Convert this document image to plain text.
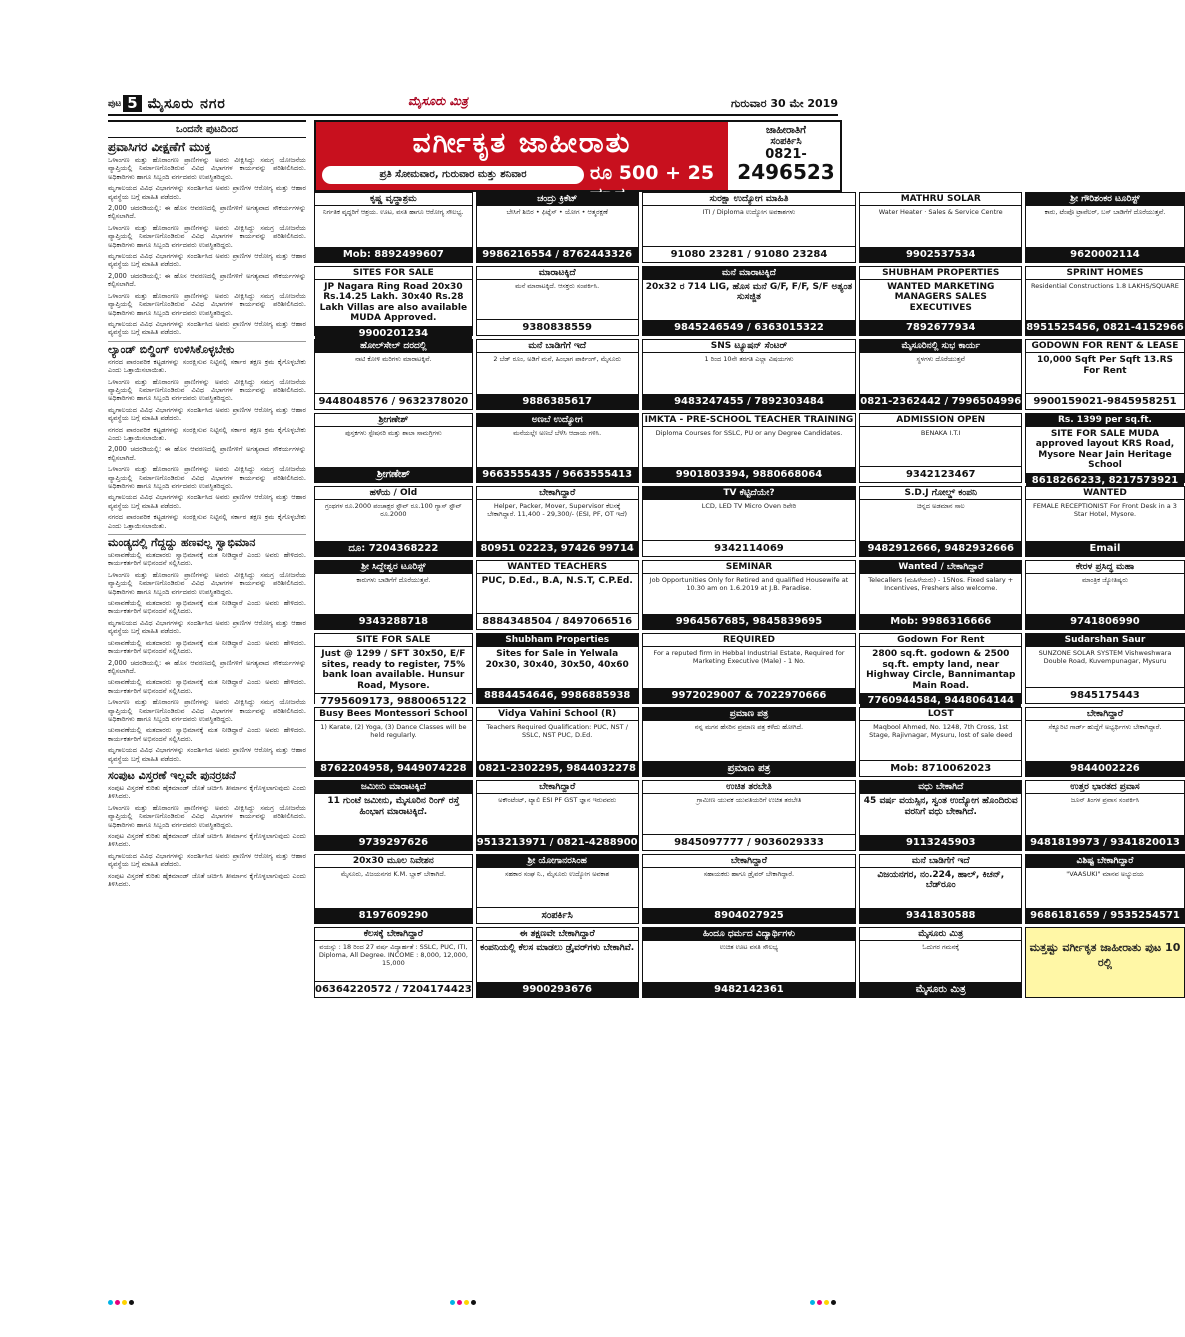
ಪುಟ 5 ಮೈಸೂರು ನಗರ	ಮೈಸೂರು ಮಿತ್ರ	ಗುರುವಾರ 30 ಮೇ 2019
ಒಂದನೇ ಪುಟದಿಂದ
ಪ್ರವಾಸಿಗರ ವೀಕ್ಷಣೆಗೆ ಮುಕ್ತ

ಒಳಾಂಗಣ ಮತ್ತು ಹೊರಾಂಗಣ ಪ್ರಾಣಿಗಳನ್ನು ಅವರು ವೀಕ್ಷಿಸಿದ್ದು ಸಮಗ್ರ ಯೋಜನೆಯ ವ್ಯಾಪ್ತಿಯಲ್ಲಿ ನಿರ್ಮಾಣಗೊಂಡಿರುವ ವಿವಿಧ ವಿಭಾಗಗಳ ಕಾರ್ಯವನ್ನು ಪರಿಶೀಲಿಸಿದರು. ಅಧಿಕಾರಿಗಳು ಹಾಗೂ ಸಿಬ್ಬಂದಿ ವರ್ಗದವರು ಉಪಸ್ಥಿತರಿದ್ದರು.

ಮೃಗಾಲಯದ ವಿವಿಧ ವಿಭಾಗಗಳನ್ನು ಸಂದರ್ಶಿಸಿದ ಅವರು ಪ್ರಾಣಿಗಳ ಆರೋಗ್ಯ ಮತ್ತು ಆಹಾರ ವ್ಯವಸ್ಥೆಯ ಬಗ್ಗೆ ಮಾಹಿತಿ ಪಡೆದರು.

2,000 ಚದರಡಿಯಲ್ಲಿ: ಈ ಹೊಸ ಆವರಣದಲ್ಲಿ ಪ್ರಾಣಿಗಳಿಗೆ ಅಗತ್ಯವಾದ ಸೌಕರ್ಯಗಳನ್ನು ಕಲ್ಪಿಸಲಾಗಿದೆ.

ಒಳಾಂಗಣ ಮತ್ತು ಹೊರಾಂಗಣ ಪ್ರಾಣಿಗಳನ್ನು ಅವರು ವೀಕ್ಷಿಸಿದ್ದು ಸಮಗ್ರ ಯೋಜನೆಯ ವ್ಯಾಪ್ತಿಯಲ್ಲಿ ನಿರ್ಮಾಣಗೊಂಡಿರುವ ವಿವಿಧ ವಿಭಾಗಗಳ ಕಾರ್ಯವನ್ನು ಪರಿಶೀಲಿಸಿದರು. ಅಧಿಕಾರಿಗಳು ಹಾಗೂ ಸಿಬ್ಬಂದಿ ವರ್ಗದವರು ಉಪಸ್ಥಿತರಿದ್ದರು.

ಮೃಗಾಲಯದ ವಿವಿಧ ವಿಭಾಗಗಳನ್ನು ಸಂದರ್ಶಿಸಿದ ಅವರು ಪ್ರಾಣಿಗಳ ಆರೋಗ್ಯ ಮತ್ತು ಆಹಾರ ವ್ಯವಸ್ಥೆಯ ಬಗ್ಗೆ ಮಾಹಿತಿ ಪಡೆದರು.

2,000 ಚದರಡಿಯಲ್ಲಿ: ಈ ಹೊಸ ಆವರಣದಲ್ಲಿ ಪ್ರಾಣಿಗಳಿಗೆ ಅಗತ್ಯವಾದ ಸೌಕರ್ಯಗಳನ್ನು ಕಲ್ಪಿಸಲಾಗಿದೆ.

ಒಳಾಂಗಣ ಮತ್ತು ಹೊರಾಂಗಣ ಪ್ರಾಣಿಗಳನ್ನು ಅವರು ವೀಕ್ಷಿಸಿದ್ದು ಸಮಗ್ರ ಯೋಜನೆಯ ವ್ಯಾಪ್ತಿಯಲ್ಲಿ ನಿರ್ಮಾಣಗೊಂಡಿರುವ ವಿವಿಧ ವಿಭಾಗಗಳ ಕಾರ್ಯವನ್ನು ಪರಿಶೀಲಿಸಿದರು. ಅಧಿಕಾರಿಗಳು ಹಾಗೂ ಸಿಬ್ಬಂದಿ ವರ್ಗದವರು ಉಪಸ್ಥಿತರಿದ್ದರು.

ಮೃಗಾಲಯದ ವಿವಿಧ ವಿಭಾಗಗಳನ್ನು ಸಂದರ್ಶಿಸಿದ ಅವರು ಪ್ರಾಣಿಗಳ ಆರೋಗ್ಯ ಮತ್ತು ಆಹಾರ ವ್ಯವಸ್ಥೆಯ ಬಗ್ಗೆ ಮಾಹಿತಿ ಪಡೆದರು.

ಲ್ಯಾಂಡ್ ಬಿಲ್ಡಿಂಗ್ ಉಳಿಸಿಕೊಳ್ಳಬೇಕು

ನಗರದ ಪಾರಂಪರಿಕ ಕಟ್ಟಡಗಳನ್ನು ಸಂರಕ್ಷಿಸುವ ನಿಟ್ಟಿನಲ್ಲಿ ಸರ್ಕಾರ ತಕ್ಷಣ ಕ್ರಮ ಕೈಗೊಳ್ಳಬೇಕು ಎಂದು ಒತ್ತಾಯಿಸಲಾಯಿತು.

ಒಳಾಂಗಣ ಮತ್ತು ಹೊರಾಂಗಣ ಪ್ರಾಣಿಗಳನ್ನು ಅವರು ವೀಕ್ಷಿಸಿದ್ದು ಸಮಗ್ರ ಯೋಜನೆಯ ವ್ಯಾಪ್ತಿಯಲ್ಲಿ ನಿರ್ಮಾಣಗೊಂಡಿರುವ ವಿವಿಧ ವಿಭಾಗಗಳ ಕಾರ್ಯವನ್ನು ಪರಿಶೀಲಿಸಿದರು. ಅಧಿಕಾರಿಗಳು ಹಾಗೂ ಸಿಬ್ಬಂದಿ ವರ್ಗದವರು ಉಪಸ್ಥಿತರಿದ್ದರು.

ಮೃಗಾಲಯದ ವಿವಿಧ ವಿಭಾಗಗಳನ್ನು ಸಂದರ್ಶಿಸಿದ ಅವರು ಪ್ರಾಣಿಗಳ ಆರೋಗ್ಯ ಮತ್ತು ಆಹಾರ ವ್ಯವಸ್ಥೆಯ ಬಗ್ಗೆ ಮಾಹಿತಿ ಪಡೆದರು.

ನಗರದ ಪಾರಂಪರಿಕ ಕಟ್ಟಡಗಳನ್ನು ಸಂರಕ್ಷಿಸುವ ನಿಟ್ಟಿನಲ್ಲಿ ಸರ್ಕಾರ ತಕ್ಷಣ ಕ್ರಮ ಕೈಗೊಳ್ಳಬೇಕು ಎಂದು ಒತ್ತಾಯಿಸಲಾಯಿತು.

2,000 ಚದರಡಿಯಲ್ಲಿ: ಈ ಹೊಸ ಆವರಣದಲ್ಲಿ ಪ್ರಾಣಿಗಳಿಗೆ ಅಗತ್ಯವಾದ ಸೌಕರ್ಯಗಳನ್ನು ಕಲ್ಪಿಸಲಾಗಿದೆ.

ಒಳಾಂಗಣ ಮತ್ತು ಹೊರಾಂಗಣ ಪ್ರಾಣಿಗಳನ್ನು ಅವರು ವೀಕ್ಷಿಸಿದ್ದು ಸಮಗ್ರ ಯೋಜನೆಯ ವ್ಯಾಪ್ತಿಯಲ್ಲಿ ನಿರ್ಮಾಣಗೊಂಡಿರುವ ವಿವಿಧ ವಿಭಾಗಗಳ ಕಾರ್ಯವನ್ನು ಪರಿಶೀಲಿಸಿದರು. ಅಧಿಕಾರಿಗಳು ಹಾಗೂ ಸಿಬ್ಬಂದಿ ವರ್ಗದವರು ಉಪಸ್ಥಿತರಿದ್ದರು.

ಮೃಗಾಲಯದ ವಿವಿಧ ವಿಭಾಗಗಳನ್ನು ಸಂದರ್ಶಿಸಿದ ಅವರು ಪ್ರಾಣಿಗಳ ಆರೋಗ್ಯ ಮತ್ತು ಆಹಾರ ವ್ಯವಸ್ಥೆಯ ಬಗ್ಗೆ ಮಾಹಿತಿ ಪಡೆದರು.

ನಗರದ ಪಾರಂಪರಿಕ ಕಟ್ಟಡಗಳನ್ನು ಸಂರಕ್ಷಿಸುವ ನಿಟ್ಟಿನಲ್ಲಿ ಸರ್ಕಾರ ತಕ್ಷಣ ಕ್ರಮ ಕೈಗೊಳ್ಳಬೇಕು ಎಂದು ಒತ್ತಾಯಿಸಲಾಯಿತು.

ಮಂಡ್ಯದಲ್ಲಿ ಗೆದ್ದದ್ದು ಹಣವಲ್ಲ ಸ್ವಾಭಿಮಾನ

ಚುನಾವಣೆಯಲ್ಲಿ ಮತದಾರರು ಸ್ವಾಭಿಮಾನಕ್ಕೆ ಮತ ನೀಡಿದ್ದಾರೆ ಎಂದು ಅವರು ಹೇಳಿದರು. ಕಾರ್ಯಕರ್ತರಿಗೆ ಅಭಿನಂದನೆ ಸಲ್ಲಿಸಿದರು.

ಒಳಾಂಗಣ ಮತ್ತು ಹೊರಾಂಗಣ ಪ್ರಾಣಿಗಳನ್ನು ಅವರು ವೀಕ್ಷಿಸಿದ್ದು ಸಮಗ್ರ ಯೋಜನೆಯ ವ್ಯಾಪ್ತಿಯಲ್ಲಿ ನಿರ್ಮಾಣಗೊಂಡಿರುವ ವಿವಿಧ ವಿಭಾಗಗಳ ಕಾರ್ಯವನ್ನು ಪರಿಶೀಲಿಸಿದರು. ಅಧಿಕಾರಿಗಳು ಹಾಗೂ ಸಿಬ್ಬಂದಿ ವರ್ಗದವರು ಉಪಸ್ಥಿತರಿದ್ದರು.

ಚುನಾವಣೆಯಲ್ಲಿ ಮತದಾರರು ಸ್ವಾಭಿಮಾನಕ್ಕೆ ಮತ ನೀಡಿದ್ದಾರೆ ಎಂದು ಅವರು ಹೇಳಿದರು. ಕಾರ್ಯಕರ್ತರಿಗೆ ಅಭಿನಂದನೆ ಸಲ್ಲಿಸಿದರು.

ಮೃಗಾಲಯದ ವಿವಿಧ ವಿಭಾಗಗಳನ್ನು ಸಂದರ್ಶಿಸಿದ ಅವರು ಪ್ರಾಣಿಗಳ ಆರೋಗ್ಯ ಮತ್ತು ಆಹಾರ ವ್ಯವಸ್ಥೆಯ ಬಗ್ಗೆ ಮಾಹಿತಿ ಪಡೆದರು.

ಚುನಾವಣೆಯಲ್ಲಿ ಮತದಾರರು ಸ್ವಾಭಿಮಾನಕ್ಕೆ ಮತ ನೀಡಿದ್ದಾರೆ ಎಂದು ಅವರು ಹೇಳಿದರು. ಕಾರ್ಯಕರ್ತರಿಗೆ ಅಭಿನಂದನೆ ಸಲ್ಲಿಸಿದರು.

2,000 ಚದರಡಿಯಲ್ಲಿ: ಈ ಹೊಸ ಆವರಣದಲ್ಲಿ ಪ್ರಾಣಿಗಳಿಗೆ ಅಗತ್ಯವಾದ ಸೌಕರ್ಯಗಳನ್ನು ಕಲ್ಪಿಸಲಾಗಿದೆ.

ಚುನಾವಣೆಯಲ್ಲಿ ಮತದಾರರು ಸ್ವಾಭಿಮಾನಕ್ಕೆ ಮತ ನೀಡಿದ್ದಾರೆ ಎಂದು ಅವರು ಹೇಳಿದರು. ಕಾರ್ಯಕರ್ತರಿಗೆ ಅಭಿನಂದನೆ ಸಲ್ಲಿಸಿದರು.

ಒಳಾಂಗಣ ಮತ್ತು ಹೊರಾಂಗಣ ಪ್ರಾಣಿಗಳನ್ನು ಅವರು ವೀಕ್ಷಿಸಿದ್ದು ಸಮಗ್ರ ಯೋಜನೆಯ ವ್ಯಾಪ್ತಿಯಲ್ಲಿ ನಿರ್ಮಾಣಗೊಂಡಿರುವ ವಿವಿಧ ವಿಭಾಗಗಳ ಕಾರ್ಯವನ್ನು ಪರಿಶೀಲಿಸಿದರು. ಅಧಿಕಾರಿಗಳು ಹಾಗೂ ಸಿಬ್ಬಂದಿ ವರ್ಗದವರು ಉಪಸ್ಥಿತರಿದ್ದರು.

ಚುನಾವಣೆಯಲ್ಲಿ ಮತದಾರರು ಸ್ವಾಭಿಮಾನಕ್ಕೆ ಮತ ನೀಡಿದ್ದಾರೆ ಎಂದು ಅವರು ಹೇಳಿದರು. ಕಾರ್ಯಕರ್ತರಿಗೆ ಅಭಿನಂದನೆ ಸಲ್ಲಿಸಿದರು.

ಮೃಗಾಲಯದ ವಿವಿಧ ವಿಭಾಗಗಳನ್ನು ಸಂದರ್ಶಿಸಿದ ಅವರು ಪ್ರಾಣಿಗಳ ಆರೋಗ್ಯ ಮತ್ತು ಆಹಾರ ವ್ಯವಸ್ಥೆಯ ಬಗ್ಗೆ ಮಾಹಿತಿ ಪಡೆದರು.

ಸಂಪುಟ ವಿಸ್ತರಣೆ ಇಲ್ಲವೇ ಪುನರ್ರಚನೆ

ಸಂಪುಟ ವಿಸ್ತರಣೆ ಕುರಿತು ಹೈಕಮಾಂಡ್ ಜೊತೆ ಚರ್ಚಿಸಿ ತೀರ್ಮಾನ ಕೈಗೊಳ್ಳಲಾಗುವುದು ಎಂದು ತಿಳಿಸಿದರು.

ಒಳಾಂಗಣ ಮತ್ತು ಹೊರಾಂಗಣ ಪ್ರಾಣಿಗಳನ್ನು ಅವರು ವೀಕ್ಷಿಸಿದ್ದು ಸಮಗ್ರ ಯೋಜನೆಯ ವ್ಯಾಪ್ತಿಯಲ್ಲಿ ನಿರ್ಮಾಣಗೊಂಡಿರುವ ವಿವಿಧ ವಿಭಾಗಗಳ ಕಾರ್ಯವನ್ನು ಪರಿಶೀಲಿಸಿದರು. ಅಧಿಕಾರಿಗಳು ಹಾಗೂ ಸಿಬ್ಬಂದಿ ವರ್ಗದವರು ಉಪಸ್ಥಿತರಿದ್ದರು.

ಸಂಪುಟ ವಿಸ್ತರಣೆ ಕುರಿತು ಹೈಕಮಾಂಡ್ ಜೊತೆ ಚರ್ಚಿಸಿ ತೀರ್ಮಾನ ಕೈಗೊಳ್ಳಲಾಗುವುದು ಎಂದು ತಿಳಿಸಿದರು.

ಮೃಗಾಲಯದ ವಿವಿಧ ವಿಭಾಗಗಳನ್ನು ಸಂದರ್ಶಿಸಿದ ಅವರು ಪ್ರಾಣಿಗಳ ಆರೋಗ್ಯ ಮತ್ತು ಆಹಾರ ವ್ಯವಸ್ಥೆಯ ಬಗ್ಗೆ ಮಾಹಿತಿ ಪಡೆದರು.

ಸಂಪುಟ ವಿಸ್ತರಣೆ ಕುರಿತು ಹೈಕಮಾಂಡ್ ಜೊತೆ ಚರ್ಚಿಸಿ ತೀರ್ಮಾನ ಕೈಗೊಳ್ಳಲಾಗುವುದು ಎಂದು ತಿಳಿಸಿದರು.

ವರ್ಗೀಕೃತ ಜಾಹೀರಾತು
ಪ್ರತಿ ಸೋಮವಾರ, ಗುರುವಾರ ಮತ್ತು ಶನಿವಾರ	ರೂ 500 + 25
ಜಾಹೀರಾತಿಗೆ
ಸಂಪರ್ಕಿಸಿ
0821-
2496523
ಕೃಷ್ಣ ವೃದ್ಧಾಶ್ರಮ
ನಿರ್ಗತಿಕ ವೃದ್ಧರಿಗೆ ಆಶ್ರಯ. ಊಟ, ವಸತಿ ಹಾಗೂ ಆರೋಗ್ಯ ಸೌಲಭ್ಯ.
Mob: 8892499607
ಚಂದ್ರು ಕ್ರಿಕೆಟ್
ಬೇಸಿಗೆ ಶಿಬಿರ • ಫಿಟ್ನೆಸ್ • ಯೋಗ • ಆತ್ಮರಕ್ಷಣೆ
9986216554 / 8762443326
ಸುರಕ್ಷಾ ಉದ್ಯೋಗ ಮಾಹಿತಿ
ITI / Diploma ಉದ್ಯೋಗ ಅವಕಾಶಗಳು
91080 23281 / 91080 23284
MATHRU SOLAR
Water Heater · Sales & Service Centre
9902537534
ಶ್ರೀ ಗೌರಿಶಂಕರ ಟೂರಿಸ್ಟ್
ಕಾರು, ಟೆಂಪೊ ಟ್ರಾವೆಲರ್, ಬಸ್ ಬಾಡಿಗೆಗೆ ದೊರೆಯುತ್ತವೆ.
9620002114
SITES FOR SALE
JP Nagara Ring Road 20x30 Rs.14.25 Lakh. 30x40 Rs.28 Lakh Villas are also available MUDA Approved.
9900201234
ಮಾರಾಟಕ್ಕಿದೆ
ಮನೆ ಮಾರಾಟಕ್ಕಿದೆ. ಆಸಕ್ತರು ಸಂಪರ್ಕಿಸಿ.
9380838559
ಮನೆ ಮಾರಾಟಕ್ಕಿದೆ
20x32 ರ 714 LIG, ಹೊಸ ಮನೆ G/F, F/F, S/F ಅತ್ಯಂತ ಸುಸಜ್ಜಿತ
9845246549 / 6363015322
SHUBHAM PROPERTIES
WANTED MARKETING MANAGERS SALES EXECUTIVES
7892677934
SPRINT HOMES
Residential Constructions 1.8 LAKHS/SQUARE
8951525456, 0821-4152966
ಹೋಲ್‌ಸೇಲ್ ದರದಲ್ಲಿ
ನಾಟಿ ಕೋಳಿ ಮರಿಗಳು ಮಾರಾಟಕ್ಕಿವೆ.
9448048576 / 9632378020
ಮನೆ ಬಾಡಿಗೆಗೆ ಇದೆ
2 ಬೆಡ್ ರೂಂ, ಅಡಿಗೆ ಮನೆ, ಹಿಂಭಾಗ ಪಾರ್ಕಿಂಗ್, ಮೈಸೂರು
9886385617
SNS ಟ್ಯೂಷನ್ ಸೆಂಟರ್
1 ರಿಂದ 10ನೇ ತರಗತಿ ಎಲ್ಲಾ ವಿಷಯಗಳು
9483247455 / 7892303484
ಮೈಸೂರಿನಲ್ಲಿ ಸುಭ ಕಾರ್ಯ
ಸ್ಥಳಗಳು ದೊರೆಯುತ್ತವೆ
0821-2362442 / 7996504996
GODOWN FOR RENT & LEASE
10,000 Sqft Per Sqft 13.RS For Rent
9900159021-9845958251
ಶ್ರೀಗಣೇಶ್
ಪುಸ್ತಕಗಳು ಸ್ಟೇಷನರಿ ಮತ್ತು ಶಾಲಾ ಸಾಮಗ್ರಿಗಳು
ಶ್ರೀಗಣೇಶ್
ಅಣಬೆ ಉದ್ಯೋಗ
ಮನೆಯಲ್ಲೇ ಅಣಬೆ ಬೆಳೆಸಿ ಆದಾಯ ಗಳಿಸಿ.
9663555435 / 9663555413
IMKTA - PRE-SCHOOL TEACHER TRAINING
Diploma Courses for SSLC, PU or any Degree Candidates.
9901803394, 9880668064
ADMISSION OPEN
BENAKA I.T.I
9342123467
Rs. 1399 per sq.ft.
SITE FOR SALE MUDA approved layout KRS Road, Mysore Near Jain Heritage School
8618266233, 8217573921
ಹಳೆಯ / Old
ಗ್ರಂಥಗಳ ರೂ.2000 ಪಂಚಾಕ್ಷರ ಸ್ಟೌವ್ ರೂ.100 ಗ್ಯಾಸ್ ಸ್ಟೌವ್ ರೂ.2000
ದೂ: 7204368222
ಬೇಕಾಗಿದ್ದಾರೆ
Helper, Packer, Mover, Supervisor ಕೆಲಸಕ್ಕೆ ಬೇಕಾಗಿದ್ದಾರೆ. 11,400 - 29,300/- (ESI, PF, OT ಇದೆ)
80951 02223, 97426 99714
TV ಕೆಟ್ಟಿದೆಯೇ?
LCD, LED TV Micro Oven ರಿಪೇರಿ
9342114069
S.D.J ಗೋಲ್ಡ್ ಕಂಪನಿ
ಚಿನ್ನದ ಅಡಮಾನ ಸಾಲ
9482912666, 9482932666
WANTED
FEMALE RECEPTIONIST For Front Desk in a 3 Star Hotel, Mysore.
Email
ಶ್ರೀ ಸಿದ್ದೇಶ್ವರ ಟೂರಿಸ್ಟ್
ಕಾರುಗಳು ಬಾಡಿಗೆಗೆ ದೊರೆಯುತ್ತವೆ.
9343288718
WANTED TEACHERS
PUC, D.Ed., B.A, N.S.T, C.P.Ed.
8884348504 / 8497066516
SEMINAR
Job Opportunities Only for Retired and qualified Housewife at 10.30 am on 1.6.2019 at J.B. Paradise.
9964567685, 9845839695
Wanted / ಬೇಕಾಗಿದ್ದಾರೆ
Telecallers (ಮಹಿಳೆಯರು) - 15Nos. Fixed salary + Incentives, Freshers also welcome.
Mob: 9986316666
ಕೇರಳ ಪ್ರಸಿದ್ಧ ಮಹಾ
ಮಾಂತ್ರಿಕ ಜ್ಯೋತಿಷ್ಯರು
9741806990
SITE FOR SALE
Just @ 1299 / SFT 30x50, E/F sites, ready to register, 75% bank loan available. Hunsur Road, Mysore.
7795609173, 9880065122
Shubham Properties
Sites for Sale in Yelwala 20x30, 30x40, 30x50, 40x60
8884454646, 9986885938
REQUIRED
For a reputed firm in Hebbal Industrial Estate, Required for Marketing Executive (Male) - 1 No.
9972029007 & 7022970666
Godown For Rent
2800 sq.ft. godown & 2500 sq.ft. empty land, near Highway Circle, Bannimantap Main Road.
7760944584, 9448064144
Sudarshan Saur
SUNZONE SOLAR SYSTEM Vishweshwara Double Road, Kuvempunagar, Mysuru
9845175443
Busy Bees Montessori School
1) Karate, (2) Yoga, (3) Dance Classes will be held regularly.
8762204958, 9449074228
Vidya Vahini School (R)
Teachers Required Qualification: PUC, NST / SSLC, NST PUC, D.Ed.
0821-2302295, 9844032278
ಪ್ರಮಾಣ ಪತ್ರ
ನನ್ನ ಮಗನ ಹೆಸರಿನ ಪ್ರಮಾಣ ಪತ್ರ ಕಳೆದು ಹೋಗಿದೆ.
ಪ್ರಮಾಣ ಪತ್ರ
LOST
Maqbool Ahmed, No. 1248, 7th Cross, 1st Stage, Rajivnagar, Mysuru, lost of sale deed
Mob: 8710062023
ಬೇಕಾಗಿದ್ದಾರೆ
ಸೆಕ್ಯೂರಿಟಿ ಗಾರ್ಡ್ ಹುದ್ದೆಗೆ ಅಭ್ಯರ್ಥಿಗಳು ಬೇಕಾಗಿದ್ದಾರೆ.
9844002226
ಜಮೀನು ಮಾರಾಟಕ್ಕಿದೆ
11 ಗುಂಟೆ ಜಮೀನು, ಮೈಸೂರಿನ ರಿಂಗ್ ರಸ್ತೆ ಹಿಂಭಾಗ ಮಾರಾಟಕ್ಕಿದೆ.
9739297626
ಬೇಕಾಗಿದ್ದಾರೆ
ಅಕೌಂಟೆಂಟ್, ಟ್ಯಾಲಿ ESI PF GST ಜ್ಞಾನ ಇರುವವರು
9513213971 / 0821-4288900
ಉಚಿತ ತರಬೇತಿ
ಗ್ರಾಮೀಣ ಯುವಕ ಯುವತಿಯರಿಗೆ ಉಚಿತ ತರಬೇತಿ
9845097777 / 9036029333
ವಧು ಬೇಕಾಗಿದೆ
45 ವರ್ಷ ವಯಸ್ಸಿನ, ಸ್ವಂತ ಉದ್ಯೋಗ ಹೊಂದಿರುವ ವರನಿಗೆ ವಧು ಬೇಕಾಗಿದೆ.
9113245903
ಉತ್ತರ ಭಾರತದ ಪ್ರವಾಸ
ಜೂನ್ ತಿಂಗಳ ಪ್ರವಾಸ ಸಂಪರ್ಕಿಸಿ
9481819973 / 9341820013
20x30 ಮೂಲ ನಿವೇಶನ
ಮೈಸೂರು, ವಿಜಯನಗರ K.M. ಬ್ಲಾಕ್ ಬೇಕಾಗಿದೆ.
8197609290
ಶ್ರೀ ಯೋಗಾನರಸಿಂಹ
ಸಹಕಾರ ಸಂಘ ನಿ., ಮೈಸೂರು ಉದ್ಯೋಗ ಅವಕಾಶ
ಸಂಪರ್ಕಿಸಿ
ಬೇಕಾಗಿದ್ದಾರೆ
ಸಹಾಯಕರು ಹಾಗೂ ಡ್ರೈವರ್ ಬೇಕಾಗಿದ್ದಾರೆ.
8904027925
ಮನೆ ಬಾಡಿಗೆಗೆ ಇದೆ
ವಿಜಯನಗರ, ನಂ.224, ಹಾಲ್, ಕಿಚನ್, ಬೆಡ್‌ರೂಂ
9341830588
ವಿಶಿಷ್ಟ ಬೇಕಾಗಿದ್ದಾರೆ
"VAASUKI" ಮಾನವ ಅಭ್ಯುದಯ
9686181659 / 9535254571
ಕೆಲಸಕ್ಕೆ ಬೇಕಾಗಿದ್ದಾರೆ
ವಯಸ್ಸು : 18 ರಿಂದ 27 ವರ್ಷ ವಿದ್ಯಾರ್ಹತೆ : SSLC, PUC, ITI, Diploma, All Degree. INCOME : 8,000, 12,000, 15,000
06364220572 / 7204174423
ಈ ತಕ್ಷಣವೇ ಬೇಕಾಗಿದ್ದಾರೆ
ಕಂಪನಿಯಲ್ಲಿ ಕೆಲಸ ಮಾಡಲು ಡ್ರೈವರ್‌ಗಳು ಬೇಕಾಗಿವೆ.
9900293676
ಹಿಂದೂ ಧರ್ಮದ ವಿದ್ಯಾರ್ಥಿಗಳು
ಉಚಿತ ಊಟ ವಸತಿ ಸೌಲಭ್ಯ
9482142361
ಮೈಸೂರು ಮಿತ್ರ
ಓದುಗರ ಗಮನಕ್ಕೆ
ಮೈಸೂರು ಮಿತ್ರ
ಮತ್ತಷ್ಟು ವರ್ಗೀಕೃತ ಜಾಹೀರಾತು ಪುಟ 10 ರಲ್ಲಿ
